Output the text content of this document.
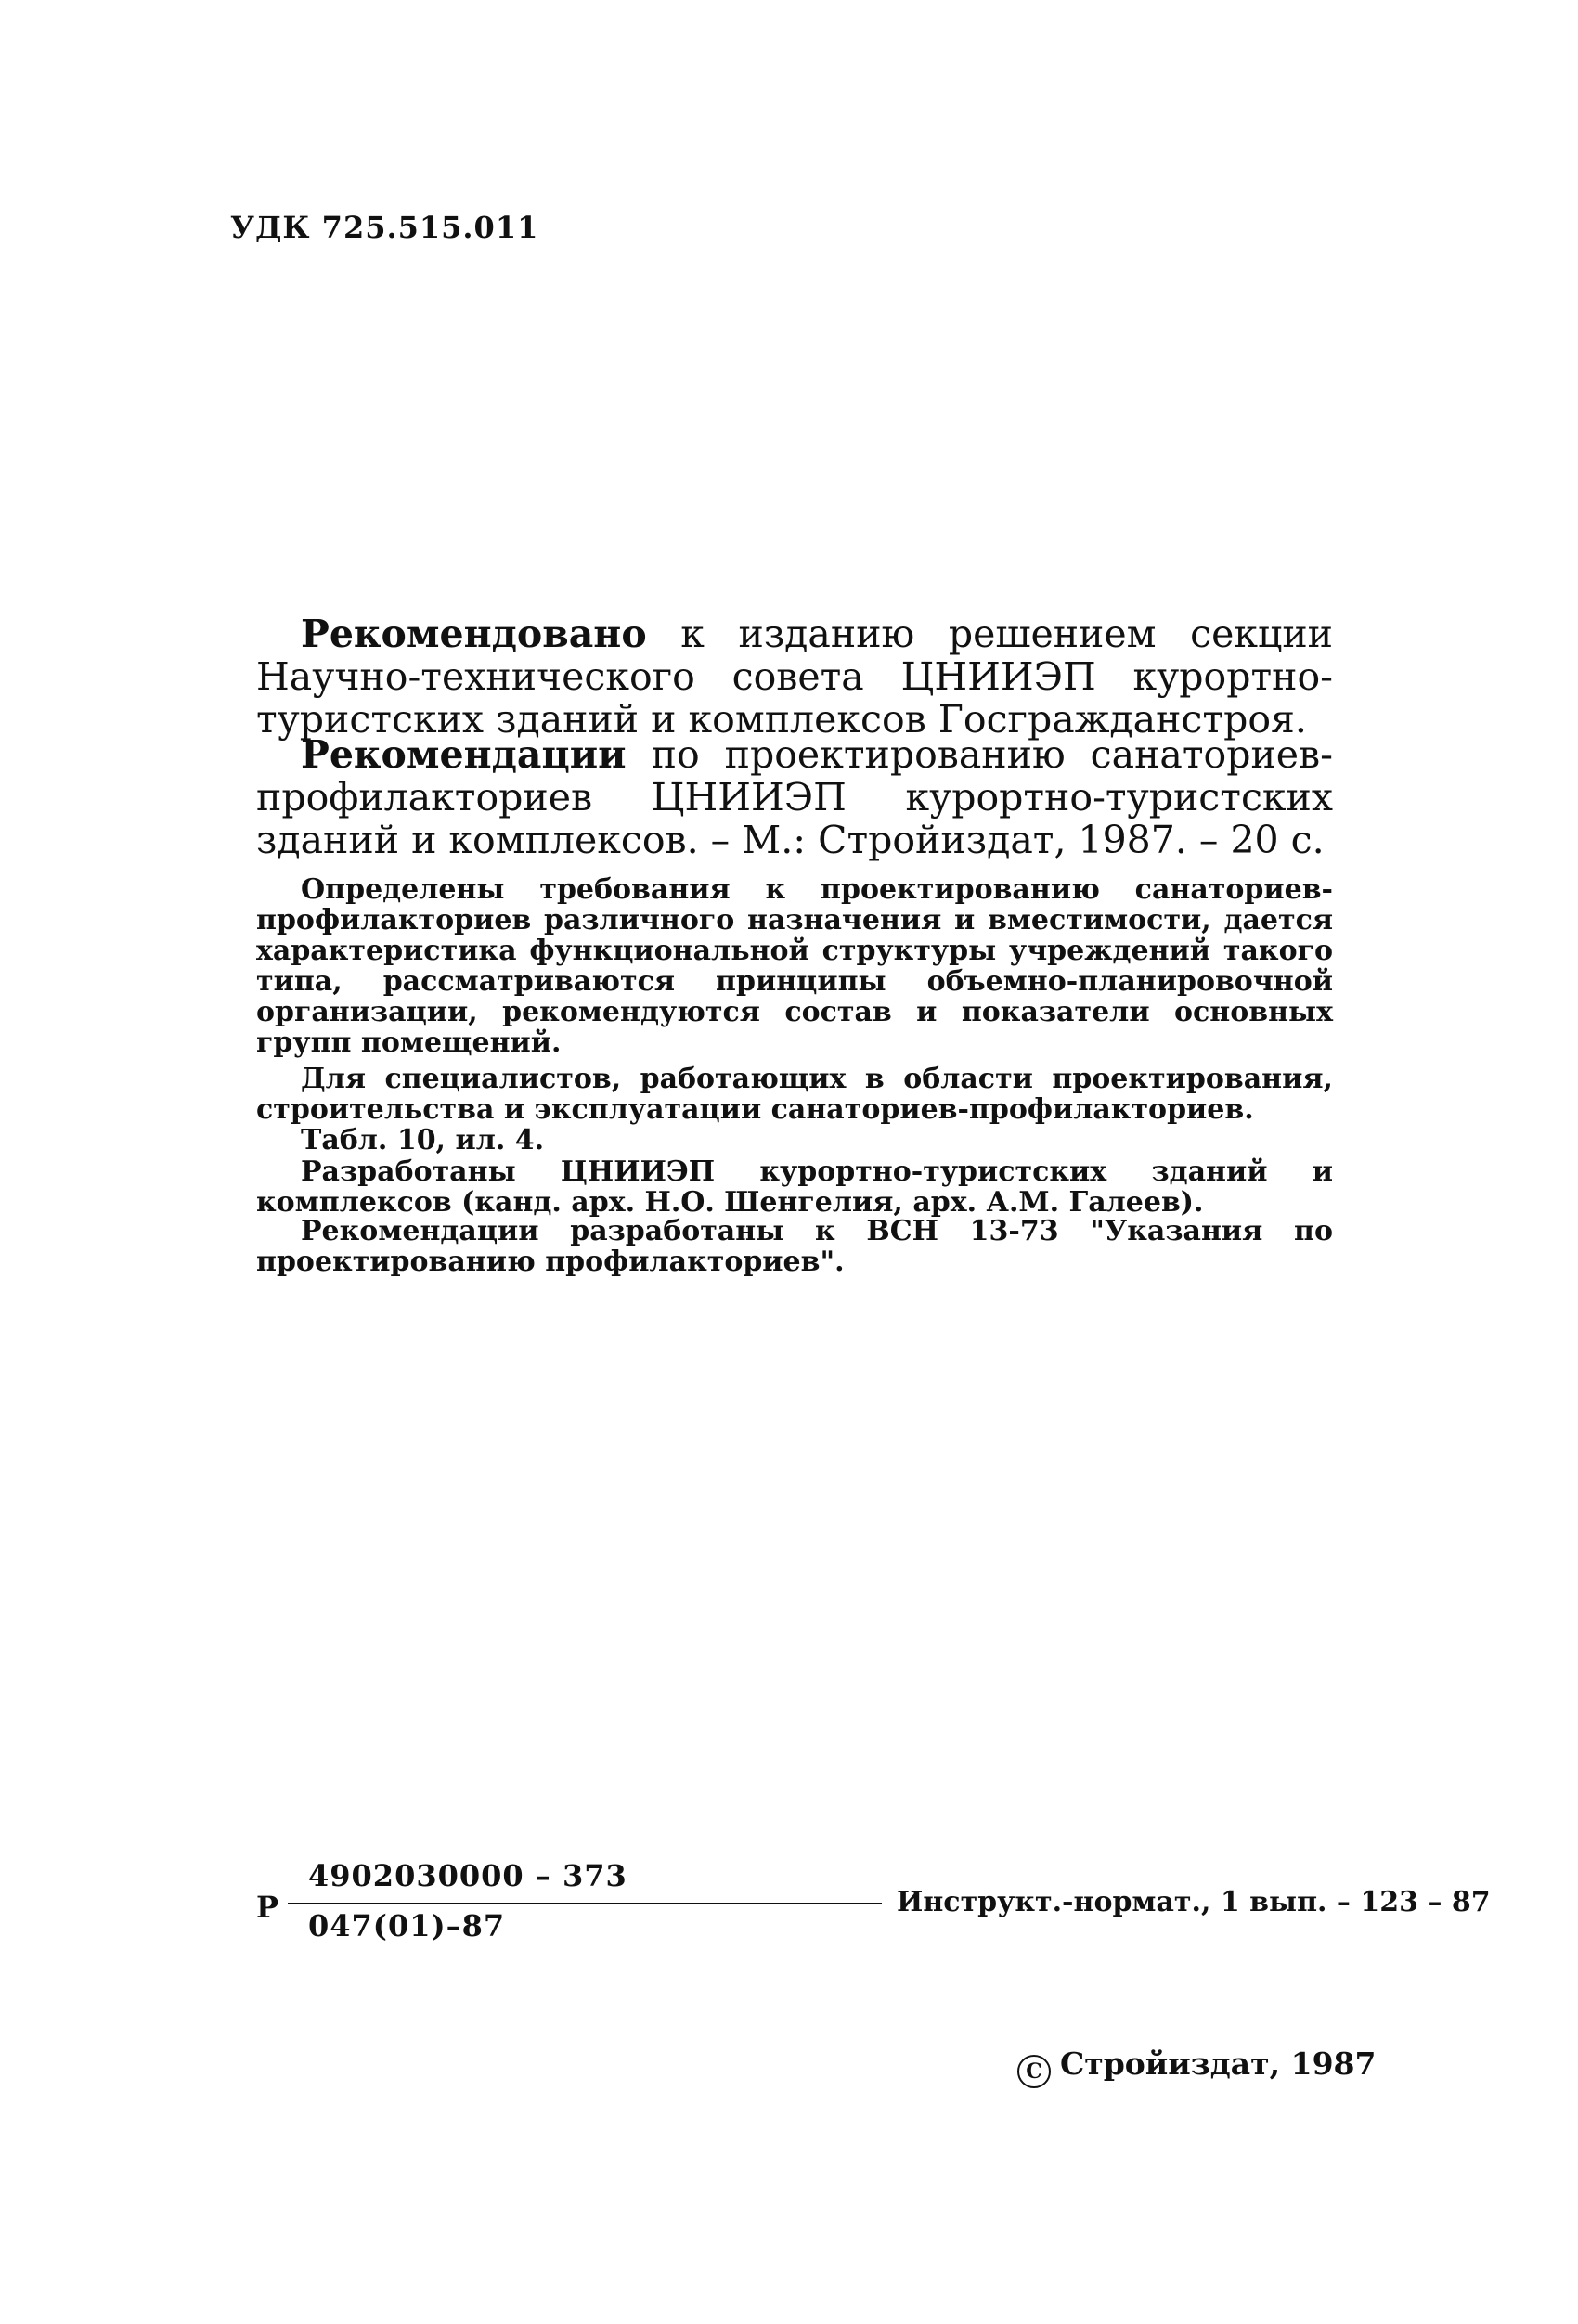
УДК 725.515.011
Рекомендовано к изданию решением секции Научно-технического совета ЦНИИЭП курортно-туристских зданий и комплексов Госгражданстроя.
Рекомендации по проектированию санаториев-профилакториев ЦНИИЭП курортно-туристских зданий и комплексов. – М.: Стройиздат, 1987. – 20 с.
Определены требования к проектированию санаториев-профилакториев различного назначения и вместимости, дается характеристика функциональной структуры учреждений такого типа, рассматриваются принципы объемно-планировочной организации, рекомендуются состав и показатели основных групп помещений.
Для специалистов, работающих в области проектирования, строительства и эксплуатации санаториев-профилакториев.
Табл. 10, ил. 4.
Разработаны ЦНИИЭП курортно-туристских зданий и комплексов (канд. арх. Н.О. Шенгелия, арх. А.М. Галеев).
Рекомендации разработаны к ВСН 13-73 "Указания по проектированию профилакториев".
Р
4902030000 – 373
047(01)–87
Инструкт.-нормат., 1 вып. – 123 – 87
C Стройиздат, 1987
